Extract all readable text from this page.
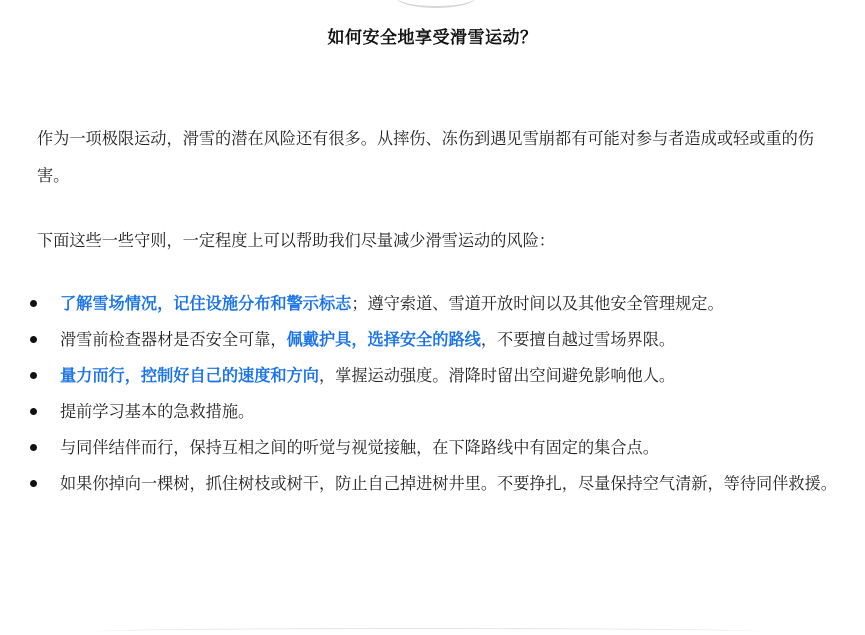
如何安全地享受滑雪运动？

作为一项极限运动，滑雪的潜在风险还有很多。从摔伤、冻伤到遇见雪崩都有可能对参与者造成或轻或重的伤害。

下面这些一些守则，一定程度上可以帮助我们尽量减少滑雪运动的风险：

了解雪场情况，记住设施分布和警示标志；遵守索道、雪道开放时间以及其他安全管理规定。
滑雪前检查器材是否安全可靠，佩戴护具，选择安全的路线，不要擅自越过雪场界限。
量力而行，控制好自己的速度和方向，掌握运动强度。滑降时留出空间避免影响他人。
提前学习基本的急救措施。
与同伴结伴而行，保持互相之间的听觉与视觉接触，在下降路线中有固定的集合点。
如果你掉向一棵树，抓住树枝或树干，防止自己掉进树井里。不要挣扎，尽量保持空气清新，等待同伴救援。
